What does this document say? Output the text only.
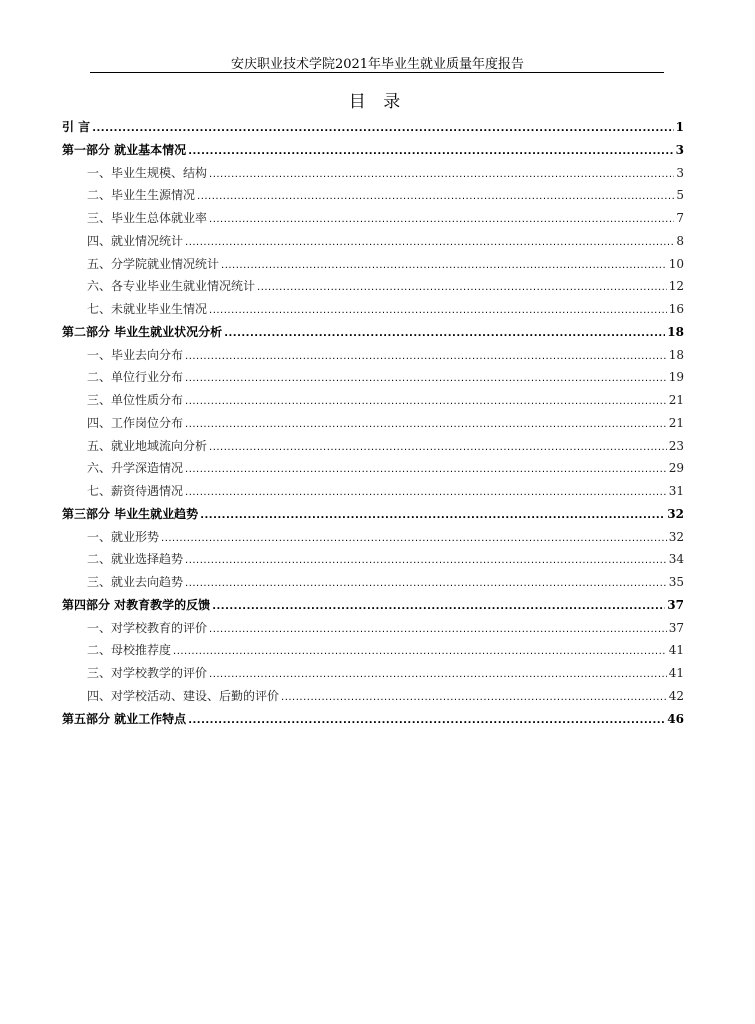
安庆职业技术学院2021年毕业生就业质量年度报告
目 录
引 言 .....	1
第一部分 就业基本情况 .....	3
一、毕业生规模、结构 .....	3
二、毕业生生源情况 .....	5
三、毕业生总体就业率 .....	7
四、就业情况统计 .....	8
五、分学院就业情况统计 .....	10
六、各专业毕业生就业情况统计 .....	12
七、未就业毕业生情况 .....	16
第二部分 毕业生就业状况分析 .....	18
一、毕业去向分布 .....	18
二、单位行业分布 .....	19
三、单位性质分布 .....	21
四、工作岗位分布 .....	21
五、就业地域流向分析 .....	23
六、升学深造情况 .....	29
七、薪资待遇情况 .....	31
第三部分 毕业生就业趋势 .....	32
一、就业形势 .....	32
二、就业选择趋势 .....	34
三、就业去向趋势 .....	35
第四部分 对教育教学的反馈 .....	37
一、对学校教育的评价 .....	37
二、母校推荐度 .....	41
三、对学校教学的评价 .....	41
四、对学校活动、建设、后勤的评价 .....	42
第五部分 就业工作特点 .....	46
